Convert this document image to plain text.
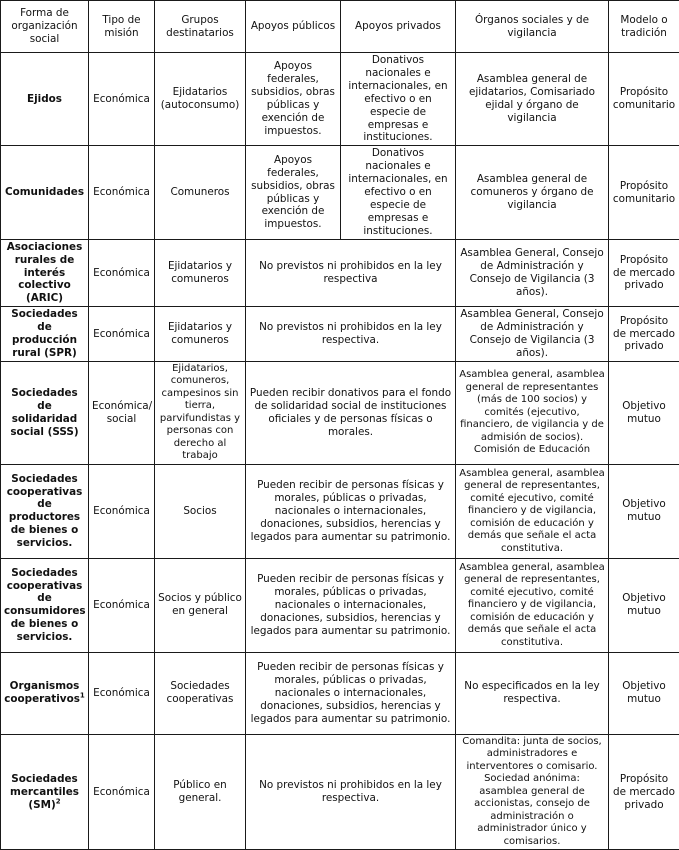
Forma de organización social	Tipo de misión	Grupos destinatarios	Apoyos públicos	Apoyos privados	Órganos sociales y de vigilancia	Modelo o tradición
Ejidos	Económica	Ejidatarios (autoconsumo)	Apoyos federales, subsidios, obras públicas y exención de impuestos.	Donativos nacionales e internacionales, en efectivo o en especie de empresas e instituciones.	Asamblea general de ejidatarios, Comisariado ejidal y órgano de vigilancia	Propósito comunitario
Comunidades	Económica	Comuneros	Apoyos federales, subsidios, obras públicas y exención de impuestos.	Donativos nacionales e internacionales, en efectivo o en especie de empresas e instituciones.	Asamblea general de comuneros y órgano de vigilancia	Propósito comunitario
Asociaciones rurales de interés colectivo (ARIC)	Económica	Ejidatarios y comuneros	No previstos ni prohibidos en la ley respectiva		Asamblea General, Consejo de Administración y Consejo de Vigilancia (3 años).	Propósito de mercado privado
Sociedades de producción rural (SPR)	Económica	Ejidatarios y comuneros	No previstos ni prohibidos en la ley respectiva.		Asamblea General, Consejo de Administración y Consejo de Vigilancia (3 años).	Propósito de mercado privado
Sociedades de solidaridad social (SSS)	Económica/ social	Ejidatarios, comuneros, campesinos sin tierra, parvifundistas y personas con derecho al trabajo	Pueden recibir donativos para el fondo de solidaridad social de instituciones oficiales y de personas físicas o morales.		Asamblea general, asamblea general de representantes (más de 100 socios) y comités (ejecutivo, financiero, de vigilancia y de admisión de socios). Comisión de Educación	Objetivo mutuo
Sociedades cooperativas de productores de bienes o servicios.	Económica	Socios	Pueden recibir de personas físicas y morales, públicas o privadas, nacionales o internacionales, donaciones, subsidios, herencias y legados para aumentar su patrimonio.		Asamblea general, asamblea general de representantes, comité ejecutivo, comité financiero y de vigilancia, comisión de educación y demás que señale el acta constitutiva.	Objetivo mutuo
Sociedades cooperativas de consumidores de bienes o servicios.	Económica	Socios y público en general	Pueden recibir de personas físicas y morales, públicas o privadas, nacionales o internacionales, donaciones, subsidios, herencias y legados para aumentar su patrimonio.		Asamblea general, asamblea general de representantes, comité ejecutivo, comité financiero y de vigilancia, comisión de educación y demás que señale el acta constitutiva.	Objetivo mutuo
Organismos cooperativos$^1$	Económica	Sociedades cooperativas	Pueden recibir de personas físicas y morales, públicas o privadas, nacionales o internacionales, donaciones, subsidios, herencias y legados para aumentar su patrimonio.		No especificados en la ley respectiva.	Objetivo mutuo
Sociedades mercantiles (SM)$^2$	Económica	Público en general.	No previstos ni prohibidos en la ley respectiva.		Comandita: junta de socios, administradores e interventores o comisario. Sociedad anónima: asamblea general de accionistas, consejo de administración o administrador único y comisarios.	Propósito de mercado privado
